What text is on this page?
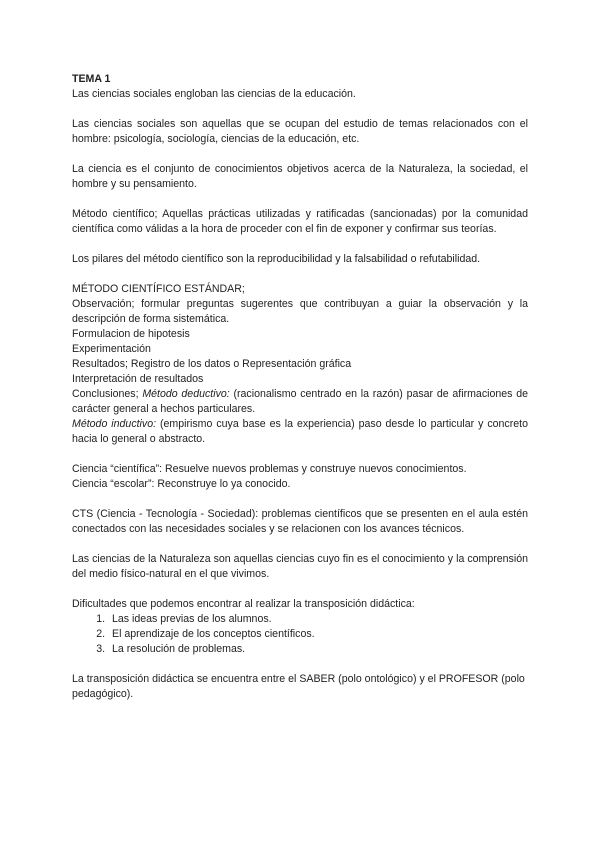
TEMA 1

Las ciencias sociales engloban las ciencias de la educación.

Las ciencias sociales son aquellas que se ocupan del estudio de temas relacionados con el hombre: psicología, sociología, ciencias de la educación, etc.

La ciencia es el conjunto de conocimientos objetivos acerca de la Naturaleza, la sociedad, el hombre y su pensamiento.

Método científico; Aquellas prácticas utilizadas y ratificadas (sancionadas) por la comunidad científica como válidas a la hora de proceder con el fin de exponer y confirmar sus teorías.

Los pilares del método científico son la reproducibilidad y la falsabilidad o refutabilidad.

MÉTODO CIENTÍFICO ESTÁNDAR;

Observación; formular preguntas sugerentes que contribuyan a guiar la observación y la descripción de forma sistemática.

Formulacion de hipotesis

Experimentación

Resultados; Registro de los datos o Representación gráfica

Interpretación de resultados

Conclusiones; Método deductivo: (racionalismo centrado en la razón) pasar de afirmaciones de carácter general a hechos particulares.

Método inductivo: (empirismo cuya base es la experiencia) paso desde lo particular y concreto hacia lo general o abstracto.

Ciencia “científica”: Resuelve nuevos problemas y construye nuevos conocimientos.

Ciencia “escolar”: Reconstruye lo ya conocido.

CTS (Ciencia - Tecnología - Sociedad): problemas científicos que se presenten en el aula estén conectados con las necesidades sociales y se relacionen con los avances técnicos.

Las ciencias de la Naturaleza son aquellas ciencias cuyo fin es el conocimiento y la comprensión del medio físico-natural en el que vivimos.

Dificultades que podemos encontrar al realizar la transposición didáctica:

1. Las ideas previas de los alumnos.
2. El aprendizaje de los conceptos científicos.
3. La resolución de problemas.

La transposición didáctica se encuentra entre el SABER (polo ontológico) y el PROFESOR (polo pedagógico).
